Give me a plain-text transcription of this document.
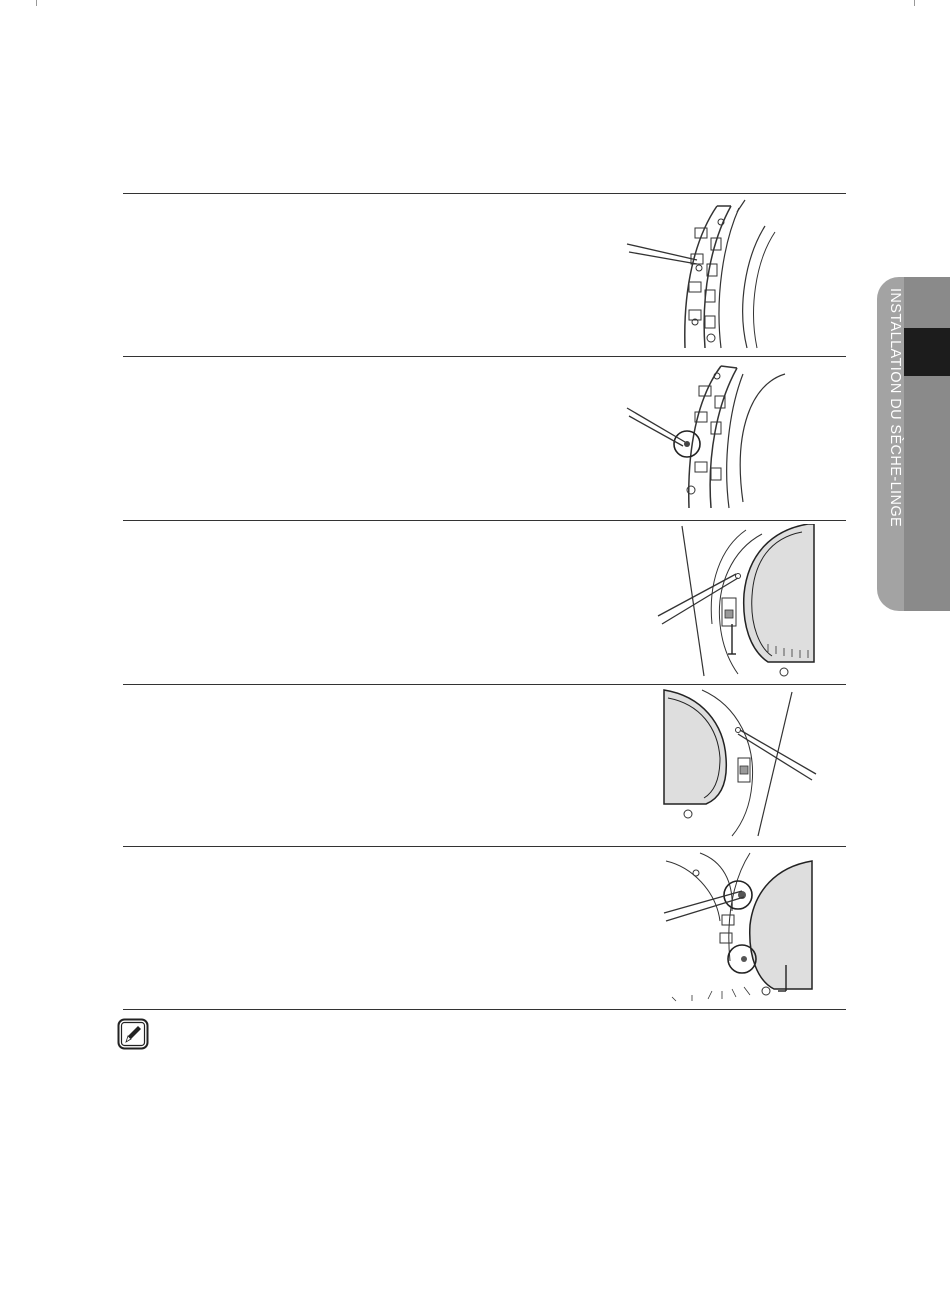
INSTALLATION DU SÈCHE-LINGE
